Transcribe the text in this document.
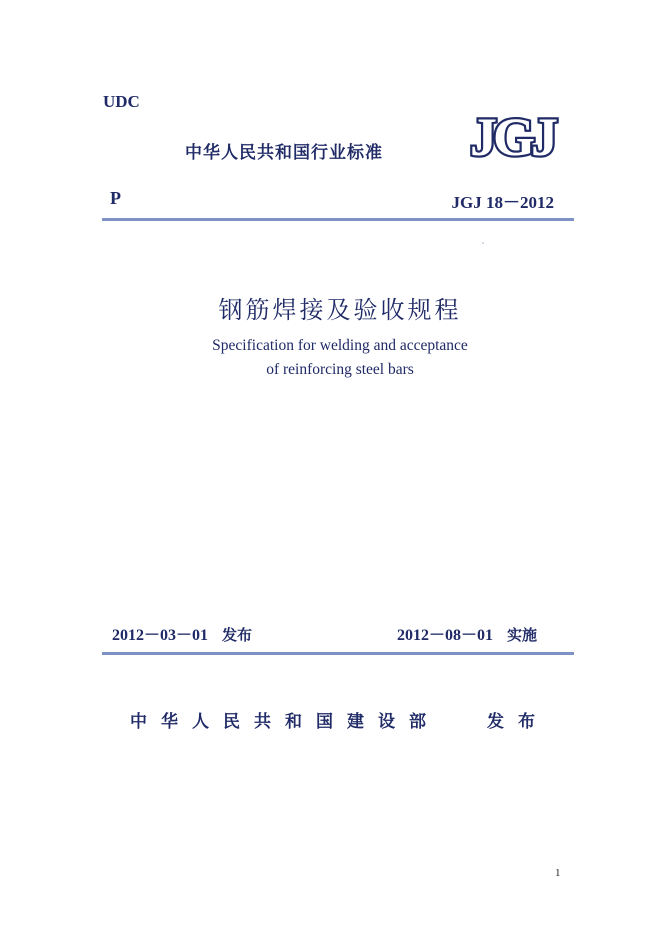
UDC
中华人民共和国行业标准 JGJ
P	JGJ 18－2012
钢筋焊接及验收规程
Specification for welding and acceptance
of reinforcing steel bars
2012－03－01 发布	2012－08－01 实施
中华人民共和国建设部	发布
1
